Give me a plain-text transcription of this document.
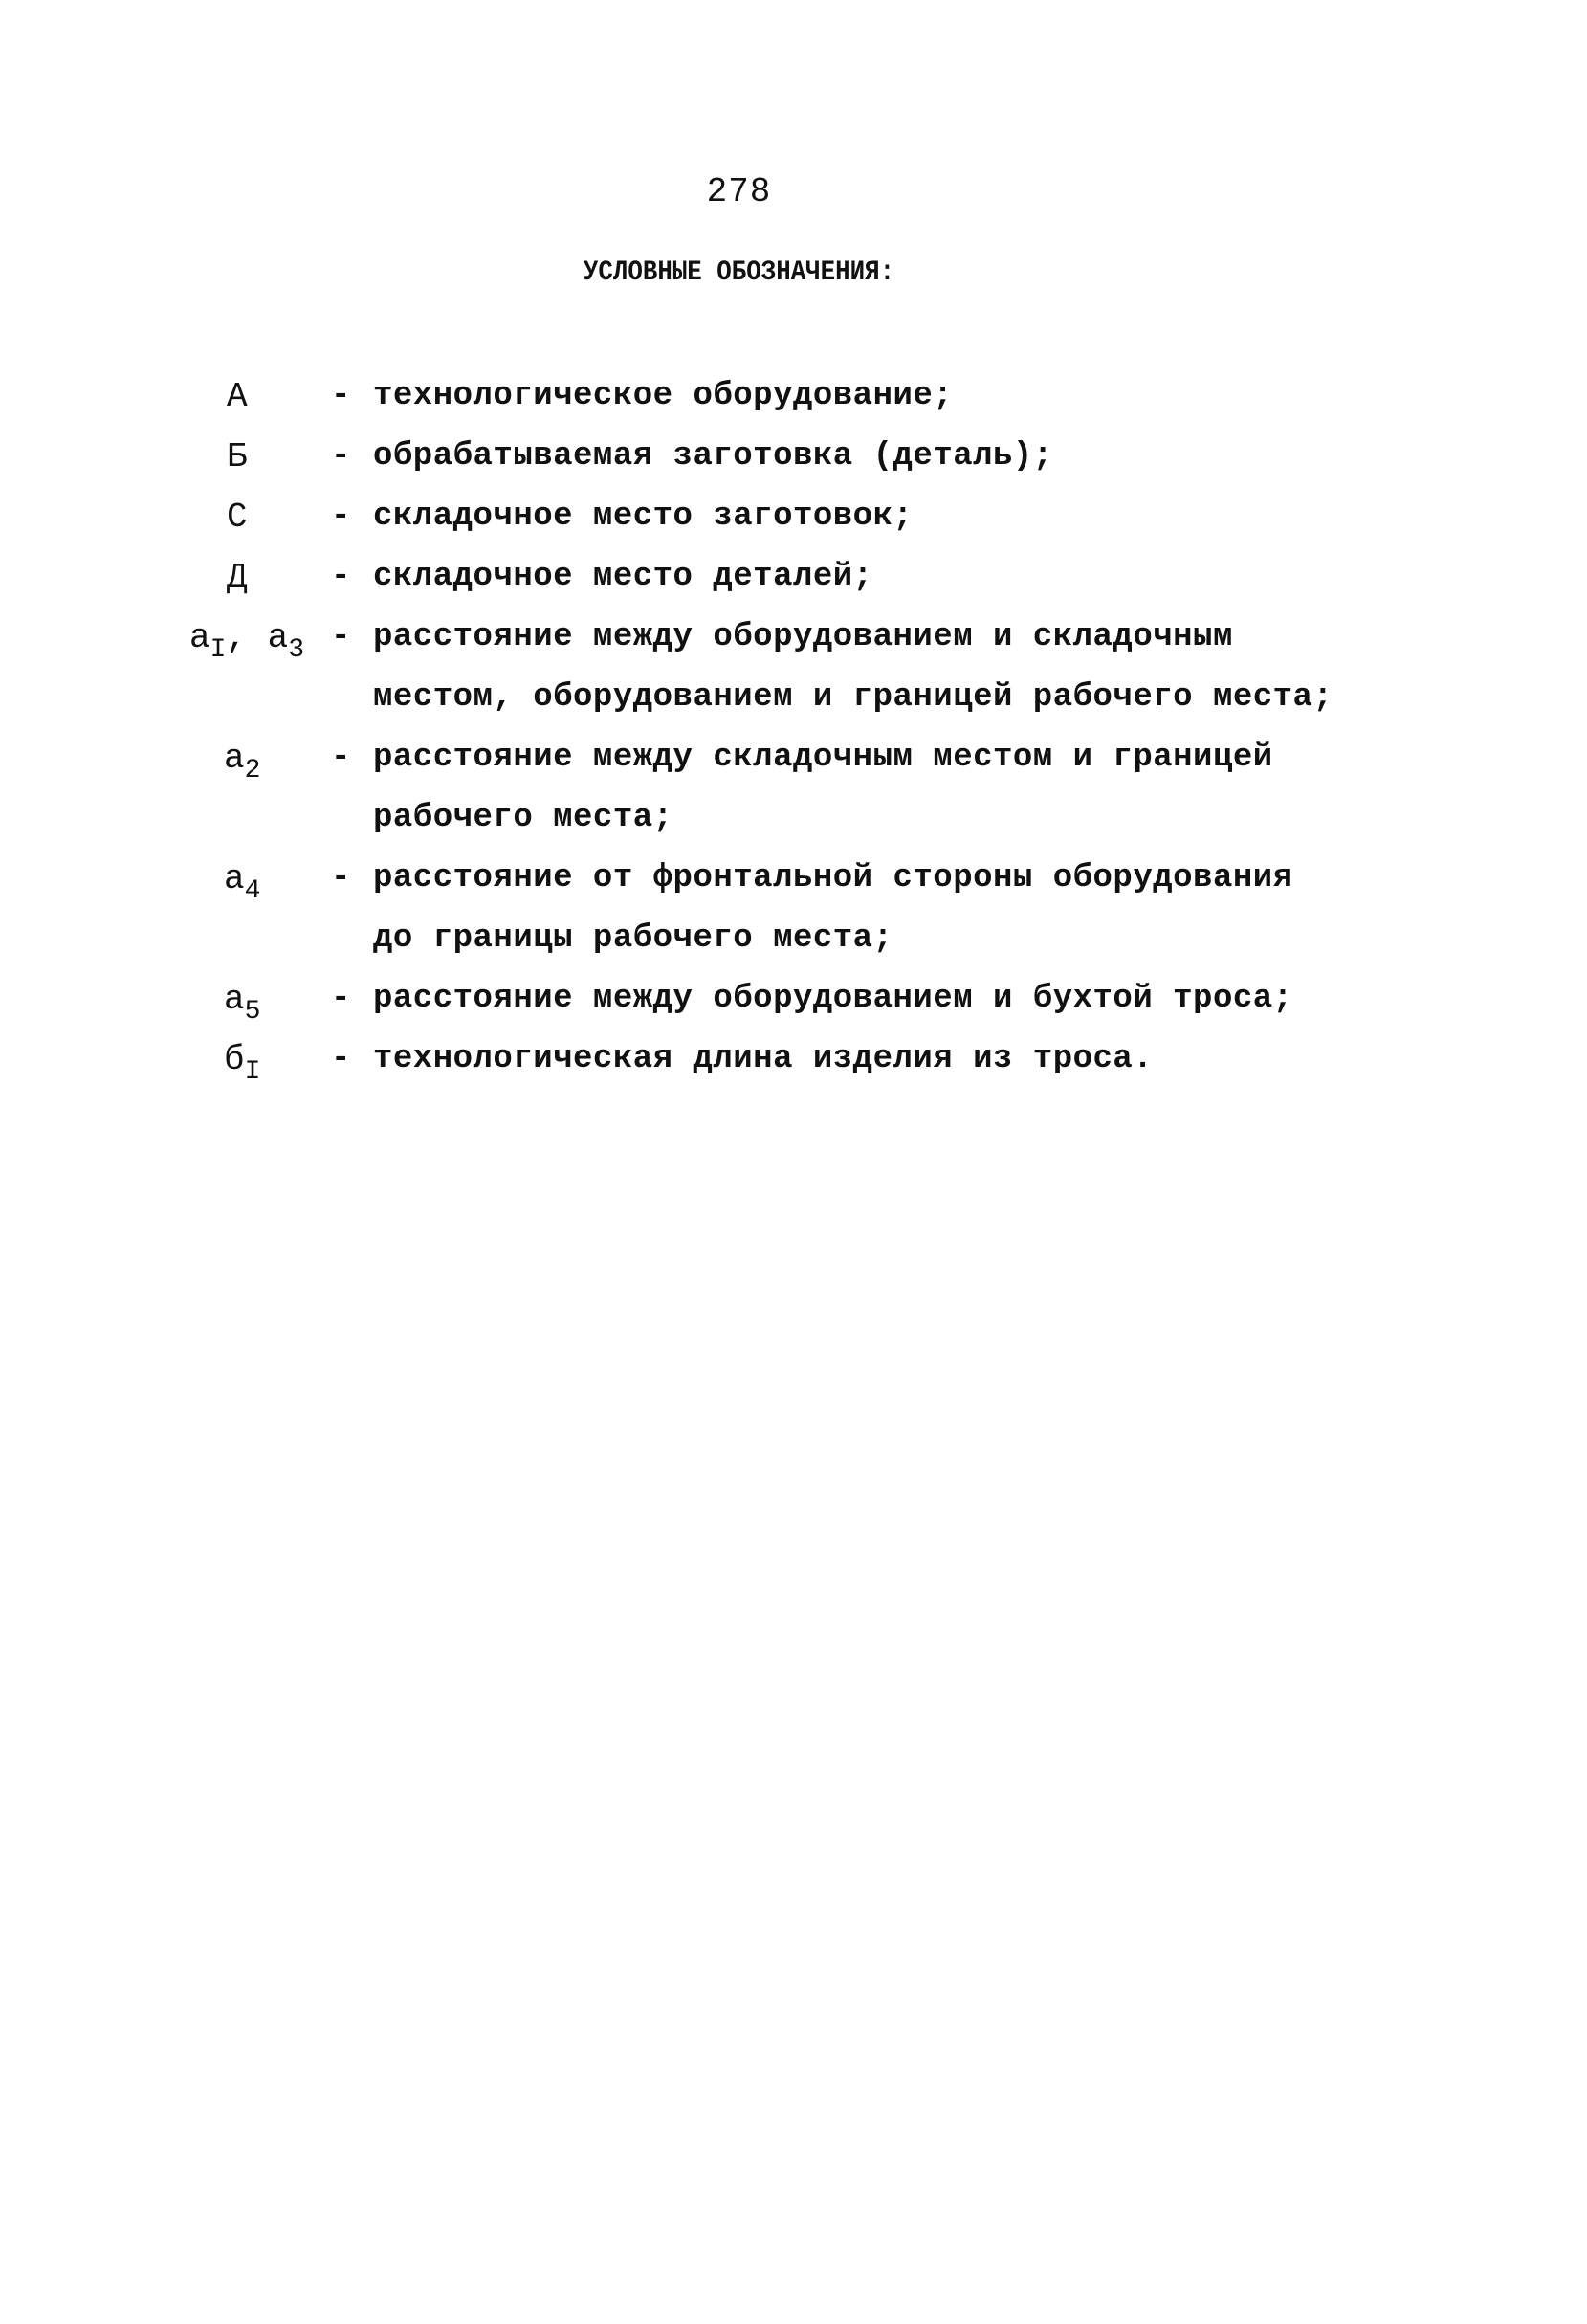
278
УСЛОВНЫЕ ОБОЗНАЧЕНИЯ:
А	- технологическое оборудование;
Б	- обрабатываемая заготовка (деталь);
С	- складочное место заготовок;
Д	- складочное место деталей;
$а_I$, $а_3$ - расстояние между оборудованием и складочным
местом, оборудованием и границей рабочего места;
$а_2$ - расстояние между складочным местом и границей
рабочего места;
$а_4$ - расстояние от фронтальной стороны оборудования
до границы рабочего места;
$а_5$ - расстояние между оборудованием и бухтой троса;
$б_I$ - технологическая длина изделия из троса.
